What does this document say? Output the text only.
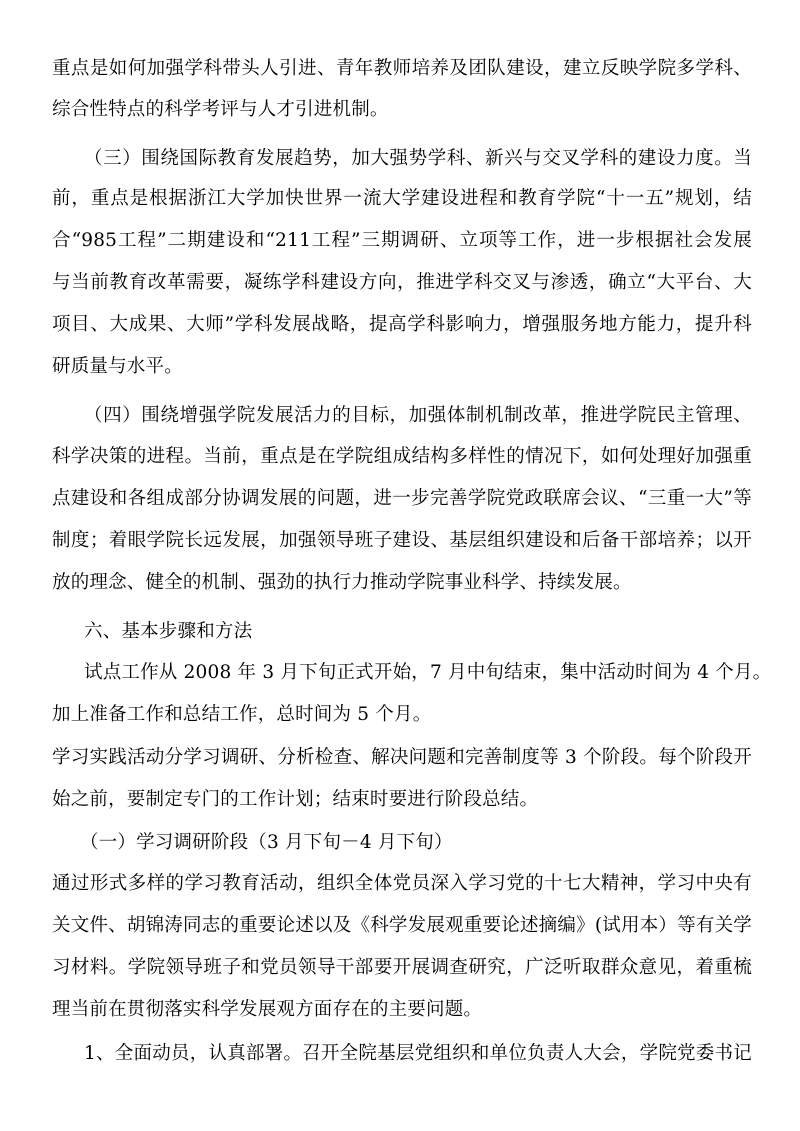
重点是如何加强学科带头人引进、青年教师培养及团队建设，建立反映学院多学科、
综合性特点的科学考评与人才引进机制。
（三）围绕国际教育发展趋势，加大强势学科、新兴与交叉学科的建设力度。当
前，重点是根据浙江大学加快世界一流大学建设进程和教育学院“十一五”规划，结
合“985工程”二期建设和“211工程”三期调研、立项等工作，进一步根据社会发展
与当前教育改革需要，凝练学科建设方向，推进学科交叉与渗透，确立“大平台、大
项目、大成果、大师”学科发展战略，提高学科影响力，增强服务地方能力，提升科
研质量与水平。
（四）围绕增强学院发展活力的目标，加强体制机制改革，推进学院民主管理、
科学决策的进程。当前，重点是在学院组成结构多样性的情况下，如何处理好加强重
点建设和各组成部分协调发展的问题，进一步完善学院党政联席会议、“三重一大”等
制度；着眼学院长远发展，加强领导班子建设、基层组织建设和后备干部培养；以开
放的理念、健全的机制、强劲的执行力推动学院事业科学、持续发展。
六、基本步骤和方法
试点工作从 2008 年 3 月下旬正式开始，7 月中旬结束，集中活动时间为 4 个月。
加上准备工作和总结工作，总时间为 5 个月。
学习实践活动分学习调研、分析检查、解决问题和完善制度等 3 个阶段。每个阶段开
始之前，要制定专门的工作计划；结束时要进行阶段总结。
（一）学习调研阶段（3 月下旬－4 月下旬）
通过形式多样的学习教育活动，组织全体党员深入学习党的十七大精神，学习中央有
关文件、胡锦涛同志的重要论述以及《科学发展观重要论述摘编》(试用本）等有关学
习材料。学院领导班子和党员领导干部要开展调查研究，广泛听取群众意见，着重梳
理当前在贯彻落实科学发展观方面存在的主要问题。
1、全面动员，认真部署。召开全院基层党组织和单位负责人大会，学院党委书记
